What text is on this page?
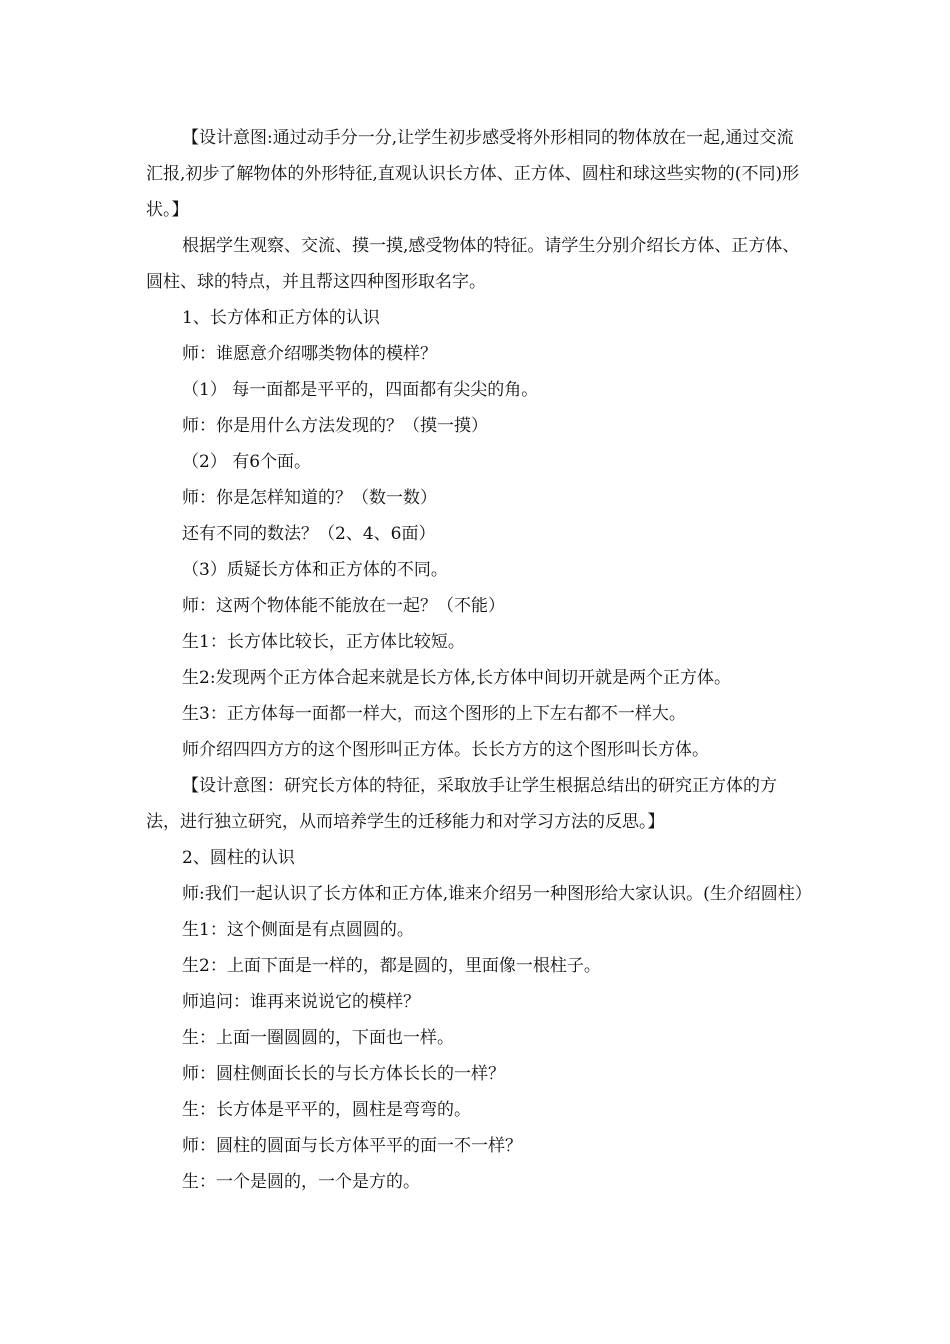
【设计意图:通过动手分一分,让学生初步感受将外形相同的物体放在一起,通过交流汇报,初步了解物体的外形特征,直观认识长方体、正方体、圆柱和球这些实物的(不同)形状。】

根据学生观察、交流、摸一摸,感受物体的特征。请学生分别介绍长方体、正方体、圆柱、球的特点，并且帮这四种图形取名字。

1、长方体和正方体的认识

师：谁愿意介绍哪类物体的模样？

（1） 每一面都是平平的，四面都有尖尖的角。

师：你是用什么方法发现的？（摸一摸）

（2） 有6个面。

师：你是怎样知道的？（数一数）

还有不同的数法？（2、4、6面）

（3）质疑长方体和正方体的不同。

师：这两个物体能不能放在一起？（不能）

生1：长方体比较长，正方体比较短。

生2:发现两个正方体合起来就是长方体,长方体中间切开就是两个正方体。

生3：正方体每一面都一样大，而这个图形的上下左右都不一样大。

师介绍四四方方的这个图形叫正方体。长长方方的这个图形叫长方体。

【设计意图：研究长方体的特征，采取放手让学生根据总结出的研究正方体的方法，进行独立研究，从而培养学生的迁移能力和对学习方法的反思。】

2、圆柱的认识

师:我们一起认识了长方体和正方体,谁来介绍另一种图形给大家认识。(生介绍圆柱）

生1：这个侧面是有点圆圆的。

生2：上面下面是一样的，都是圆的，里面像一根柱子。

师追问：谁再来说说它的模样？

生：上面一圈圆圆的，下面也一样。

师：圆柱侧面长长的与长方体长长的一样？

生：长方体是平平的，圆柱是弯弯的。

师：圆柱的圆面与长方体平平的面一不一样？

生：一个是圆的，一个是方的。
